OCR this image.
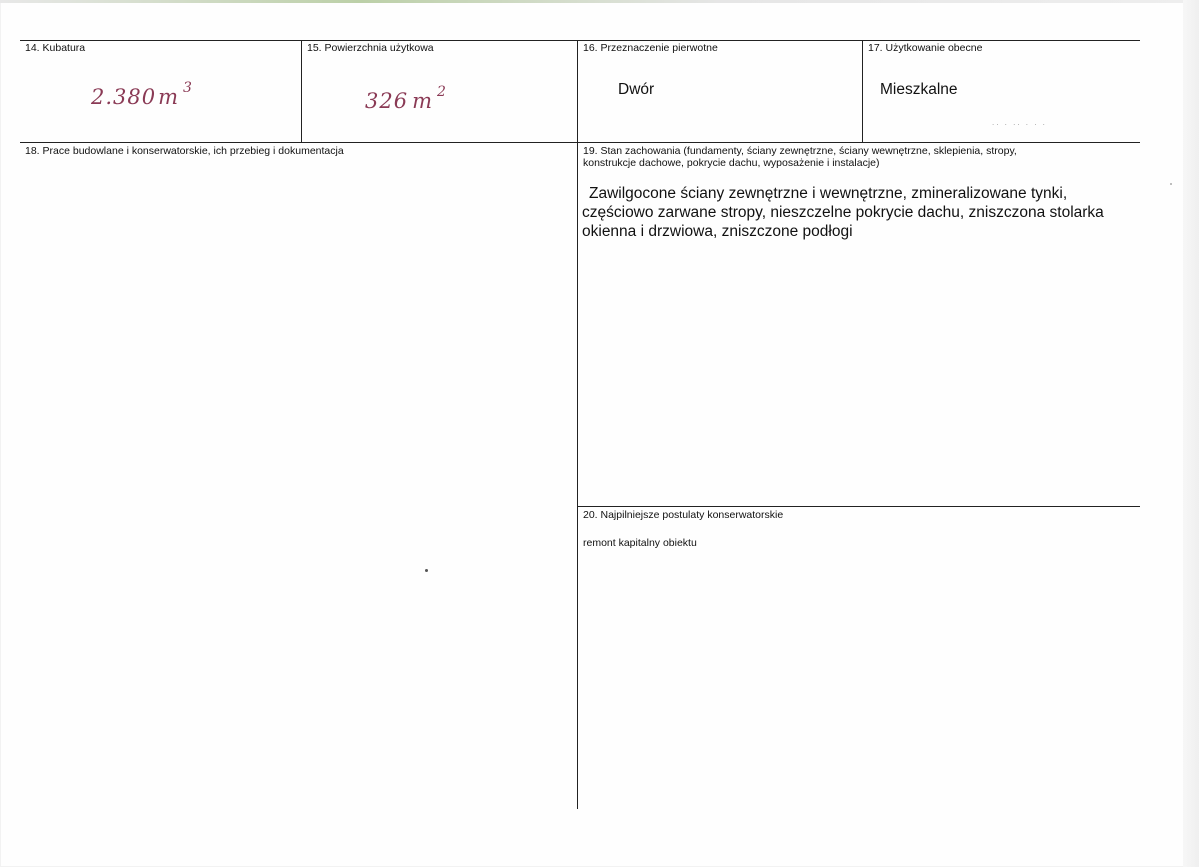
14. Kubatura
2.380m $^3$
15. Powierzchnia użytkowa
326 m $^2$
16. Przeznaczenie pierwotne
Dwór
17. Użytkowanie obecne
Mieszkalne
.. . .. . . .
18. Prace budowlane i konserwatorskie, ich przebieg i dokumentacja	19. Stan zachowania (fundamenty, ściany zewnętrzne, ściany wewnętrzne, sklepienia, stropy, konstrukcje dachowe, pokrycie dachu, wyposażenie i instalacje)
Zawilgocone ściany zewnętrzne i wewnętrzne, zmineralizowane tynki, częściowo zarwane stropy, nieszczelne pokrycie dachu, zniszczona stolarka okienna i drzwiowa, zniszczone podłogi
20. Najpilniejsze postulaty konserwatorskie
remont kapitalny obiektu
